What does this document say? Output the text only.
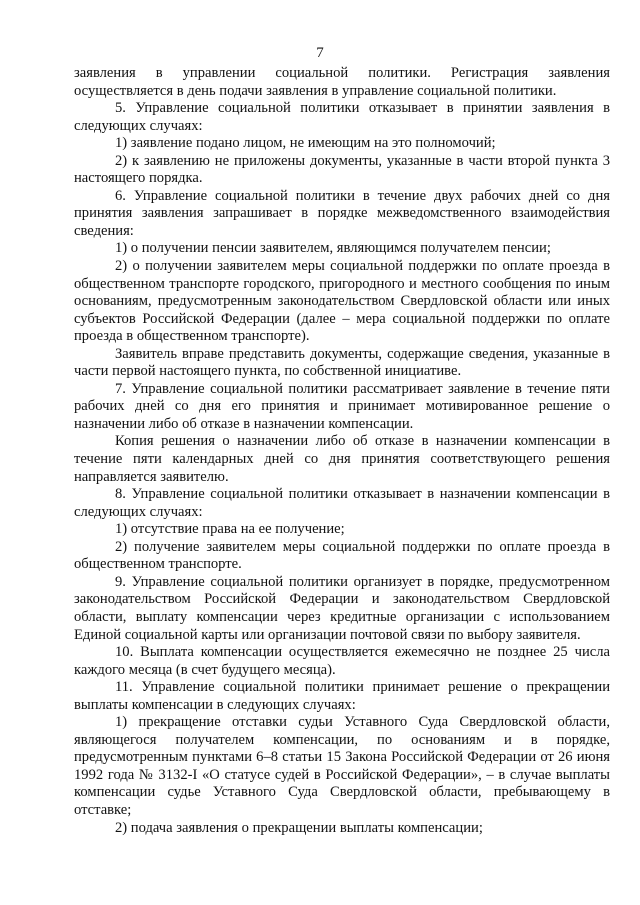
7

заявления в управлении социальной политики. Регистрация заявления осуществляется в день подачи заявления в управление социальной политики.

5. Управление социальной политики отказывает в принятии заявления в следующих случаях:

1) заявление подано лицом, не имеющим на это полномочий;

2) к заявлению не приложены документы, указанные в части второй пункта 3 настоящего порядка.

6. Управление социальной политики в течение двух рабочих дней со дня принятия заявления запрашивает в порядке межведомственного взаимодействия сведения:

1) о получении пенсии заявителем, являющимся получателем пенсии;

2) о получении заявителем меры социальной поддержки по оплате проезда в общественном транспорте городского, пригородного и местного сообщения по иным основаниям, предусмотренным законодательством Свердловской области или иных субъектов Российской Федерации (далее – мера социальной поддержки по оплате проезда в общественном транспорте).

Заявитель вправе представить документы, содержащие сведения, указанные в части первой настоящего пункта, по собственной инициативе.

7. Управление социальной политики рассматривает заявление в течение пяти рабочих дней со дня его принятия и принимает мотивированное решение о назначении либо об отказе в назначении компенсации.

Копия решения о назначении либо об отказе в назначении компенсации в течение пяти календарных дней со дня принятия соответствующего решения направляется заявителю.

8. Управление социальной политики отказывает в назначении компенсации в следующих случаях:

1) отсутствие права на ее получение;

2) получение заявителем меры социальной поддержки по оплате проезда в общественном транспорте.

9. Управление социальной политики организует в порядке, предусмотренном законодательством Российской Федерации и законодательством Свердловской области, выплату компенсации через кредитные организации с использованием Единой социальной карты или организации почтовой связи по выбору заявителя.

10. Выплата компенсации осуществляется ежемесячно не позднее 25 числа каждого месяца (в счет будущего месяца).

11. Управление социальной политики принимает решение о прекращении выплаты компенсации в следующих случаях:

1) прекращение отставки судьи Уставного Суда Свердловской области, являющегося получателем компенсации, по основаниям и в порядке, предусмотренным пунктами 6–8 статьи 15 Закона Российской Федерации от 26 июня 1992 года № 3132-I «О статусе судей в Российской Федерации», – в случае выплаты компенсации судье Уставного Суда Свердловской области, пребывающему в отставке;

2) подача заявления о прекращении выплаты компенсации;
